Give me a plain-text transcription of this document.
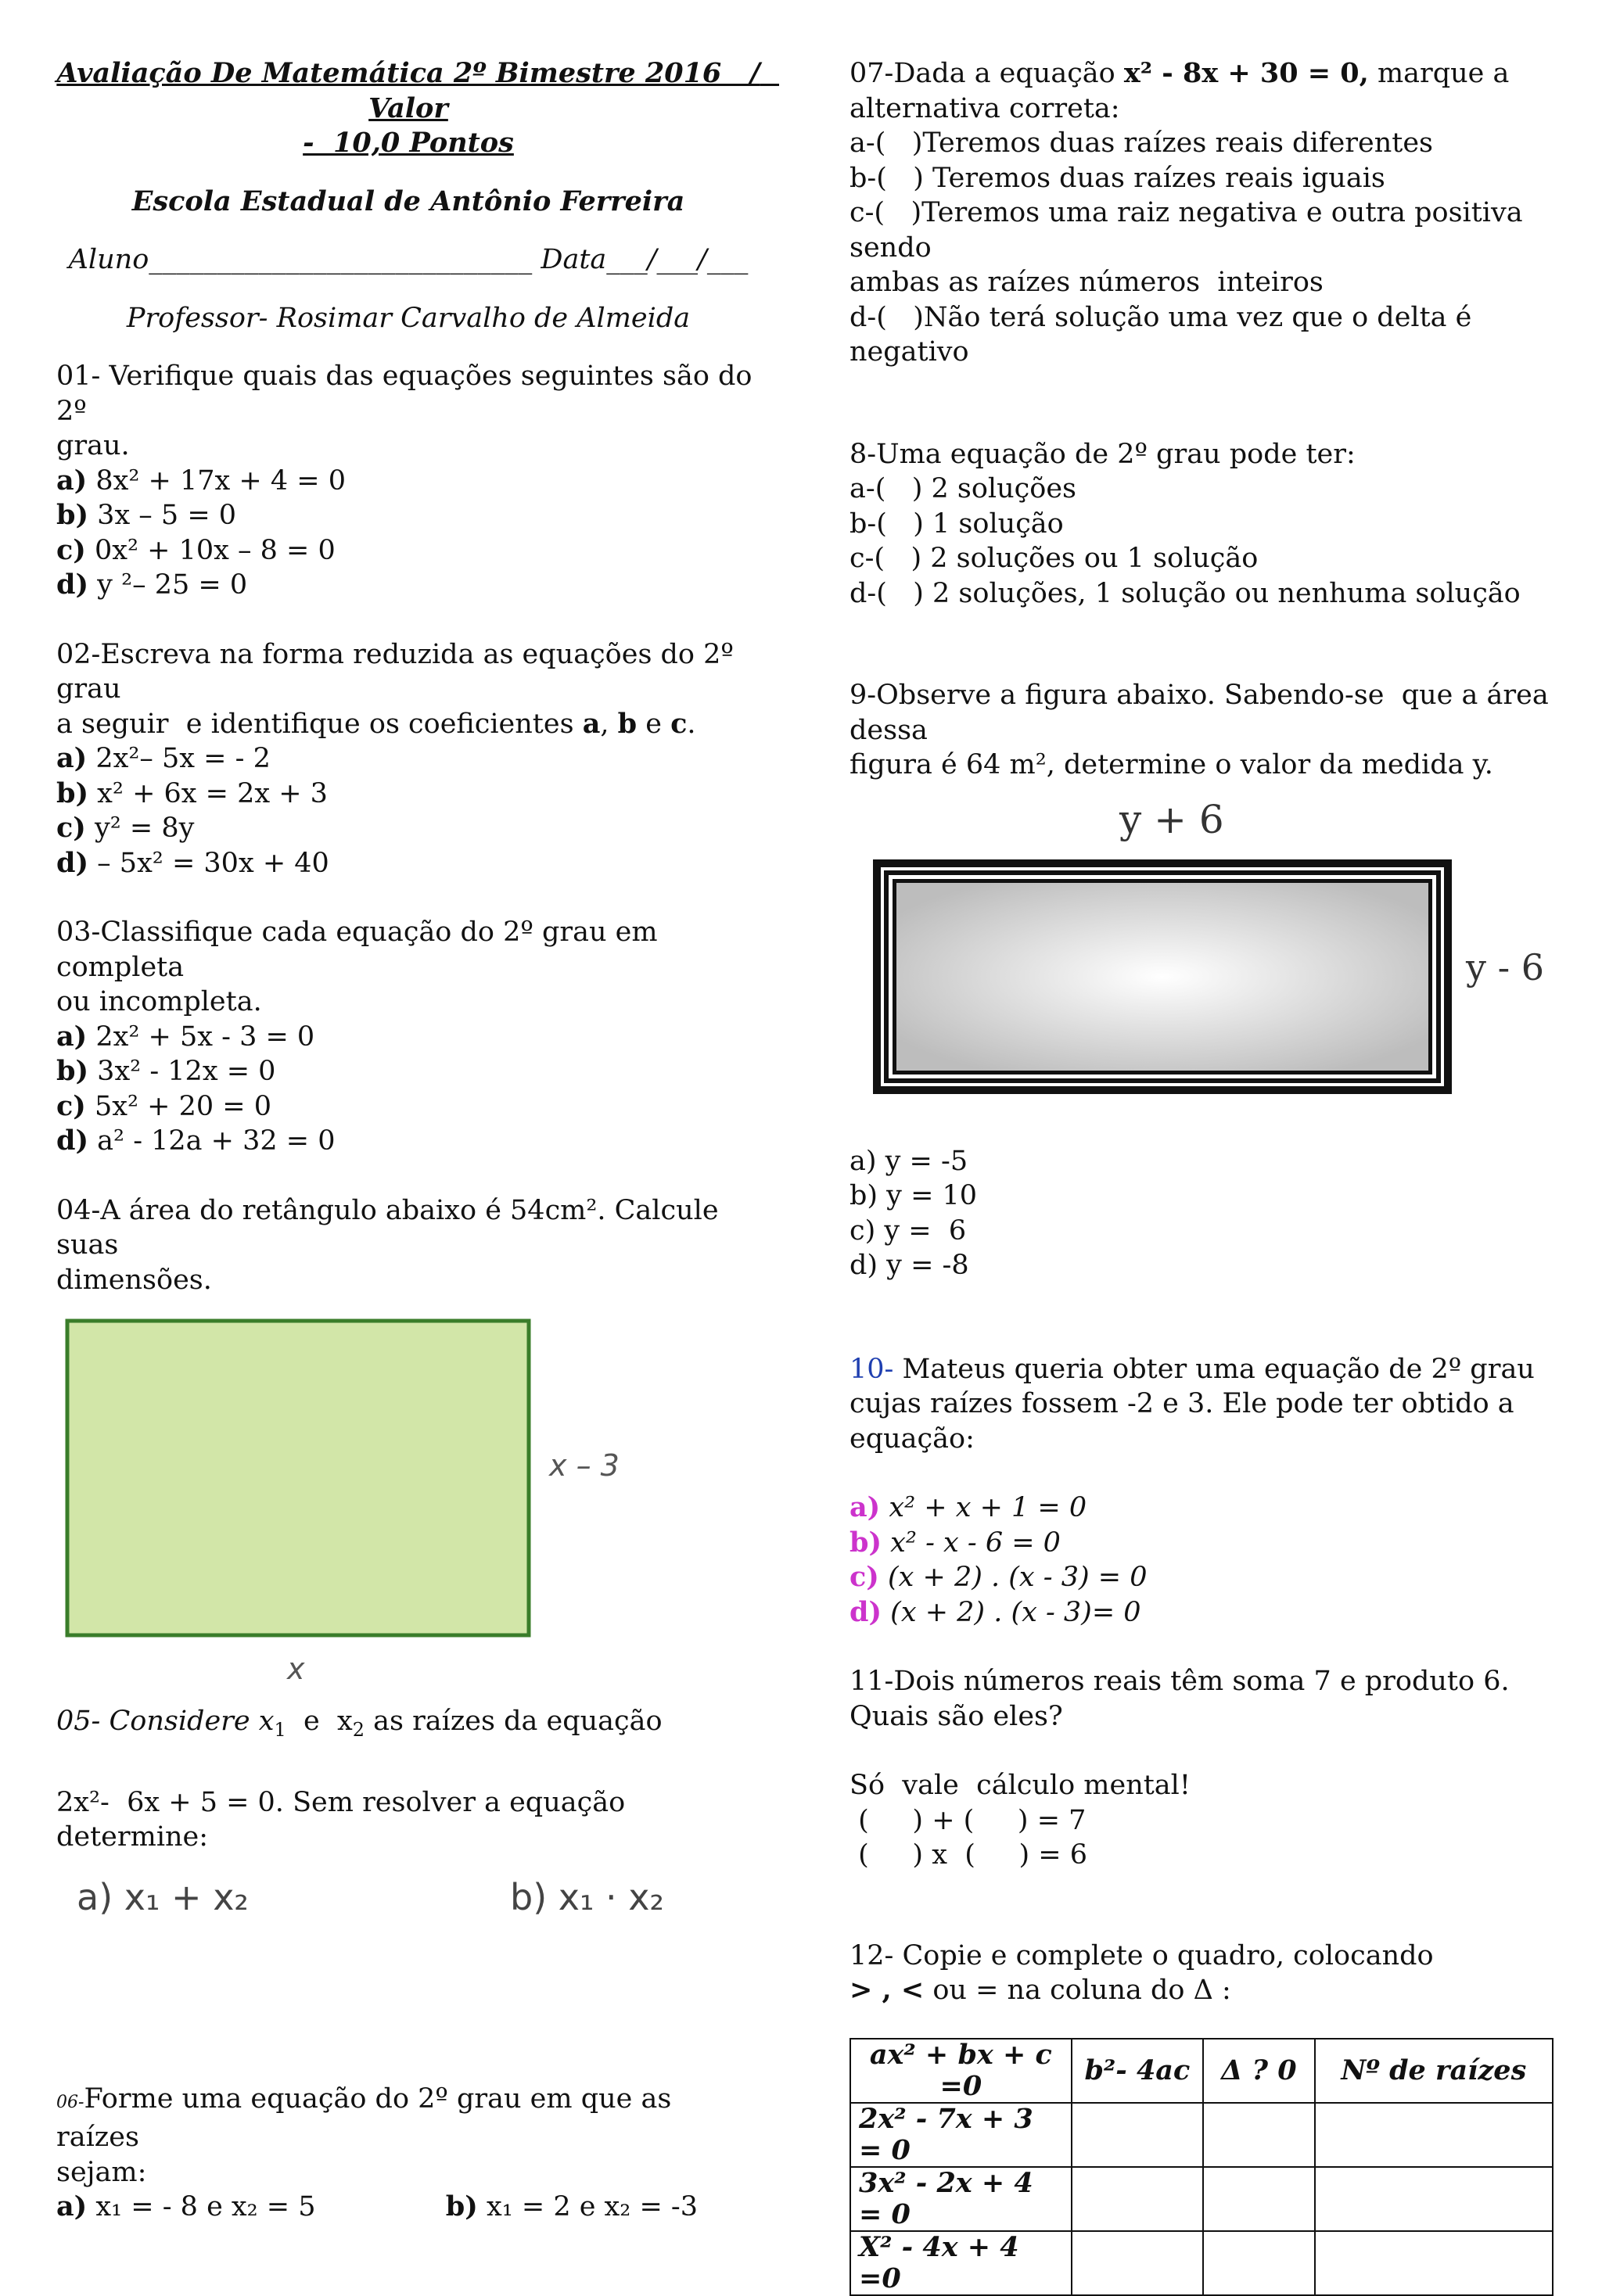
Avaliação De Matemática 2º Bimestre 2016   /  Valor
-  10,0 Pontos
Escola Estadual de Antônio Ferreira
Aluno____________________________ Data___/___/___
Professor- Rosimar Carvalho de Almeida
01- Verifique quais das equações seguintes são do 2º
grau.
a) 8x² + 17x + 4 = 0
b) 3x – 5 = 0
c) 0x² + 10x – 8 = 0
d) y ²– 25 = 0
02-Escreva na forma reduzida as equações do 2º grau
a seguir  e identifique os coeficientes a, b e c.
a) 2x²– 5x = - 2
b) x² + 6x = 2x + 3
c) y² = 8y
d) – 5x² = 30x + 40
03-Classifique cada equação do 2º grau em completa
ou incompleta.
a) 2x² + 5x - 3 = 0
b) 3x² - 12x = 0
c) 5x² + 20 = 0
d) a² - 12a + 32 = 0
04-A área do retângulo abaixo é 54cm². Calcule suas
dimensões.
x – 3
x
05- Considere $x_1$  e  $x_2$ as raízes da equação
2x²-  6x + 5 = 0. Sem resolver a equação determine:
a) x₁ + x₂	b) x₁ · x₂
06-Forme uma equação do 2º grau em que as raízes
sejam:
a) x₁ = - 8 e x₂ = 5	b) x₁ = 2 e x₂ = -3
07-Dada a equação x² - 8x + 30 = 0, marque a
alternativa correta:
a-(   )Teremos duas raízes reais diferentes
b-(   ) Teremos duas raízes reais iguais
c-(   )Teremos uma raiz negativa e outra positiva sendo
ambas as raízes números  inteiros
d-(   )Não terá solução uma vez que o delta é negativo
8-Uma equação de 2º grau pode ter:
a-(   ) 2 soluções
b-(   ) 1 solução
c-(   ) 2 soluções ou 1 solução
d-(   ) 2 soluções, 1 solução ou nenhuma solução
9-Observe a figura abaixo. Sabendo-se  que a área dessa
figura é 64 m², determine o valor da medida y.
y + 6
y - 6
a) y = -5
b) y = 10
c) y =  6
d) y = -8
10- Mateus queria obter uma equação de 2º grau
cujas raízes fossem -2 e 3. Ele pode ter obtido a
equação:
a) x² + x + 1 = 0
b) x² - x - 6 = 0
c) (x + 2) . (x - 3) = 0
d) (x + 2) . (x - 3)= 0
11-Dois números reais têm soma 7 e produto 6.
Quais são eles?
Só  vale  cálculo mental!
(     ) + (     ) = 7
(     ) x  (     ) = 6
12- Copie e complete o quadro, colocando
> , < ou = na coluna do Δ :
ax² + bx + c =0	b²- 4ac	Δ ? 0	Nº de raízes
2x² - 7x + 3 = 0			
3x² - 2x + 4 = 0			
X² - 4x + 4 =0			
